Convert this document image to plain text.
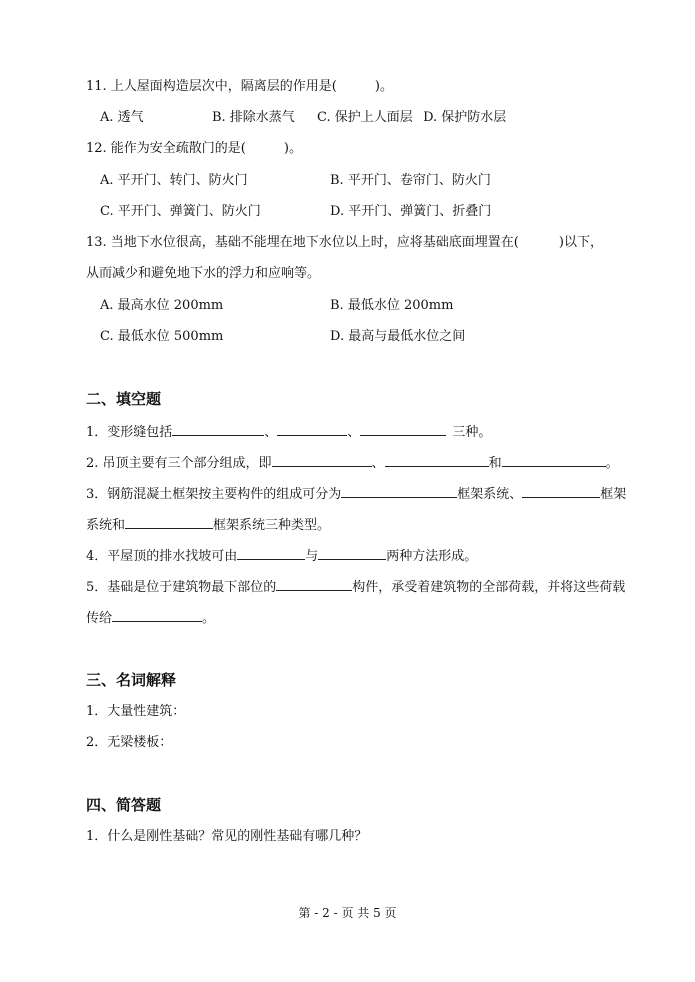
11. 上人屋面构造层次中，隔离层的作用是(	)。
A. 透气	B. 排除水蒸气 C. 保护上人面层 D. 保护防水层
12. 能作为安全疏散门的是(	)。
A. 平开门、转门、防火门	B. 平开门、卷帘门、防火门
C. 平开门、弹簧门、防火门	D. 平开门、弹簧门、折叠门
13. 当地下水位很高，基础不能埋在地下水位以上时，应将基础底面埋置在(	)以下，
从而减少和避免地下水的浮力和应响等。
A. 最高水位 200mm	B. 最低水位 200mm
C. 最低水位 500mm	D. 最高与最低水位之间
二、填空题
1．变形缝包括	、	、	三种。
2. 吊顶主要有三个部分组成，即	、	和	。
3．钢筋混凝土框架按主要构件的组成可分为	框架系统、	框架
系统和	框架系统三种类型。
4．平屋顶的排水找坡可由	与	两种方法形成。
5．基础是位于建筑物最下部位的	构件，承受着建筑物的全部荷载，并将这些荷载
传给	。
三、名词解释
1．大量性建筑：
2．无梁楼板：
四、简答题
1．什么是刚性基础？常见的刚性基础有哪几种？
第 - 2 - 页 共 5 页
